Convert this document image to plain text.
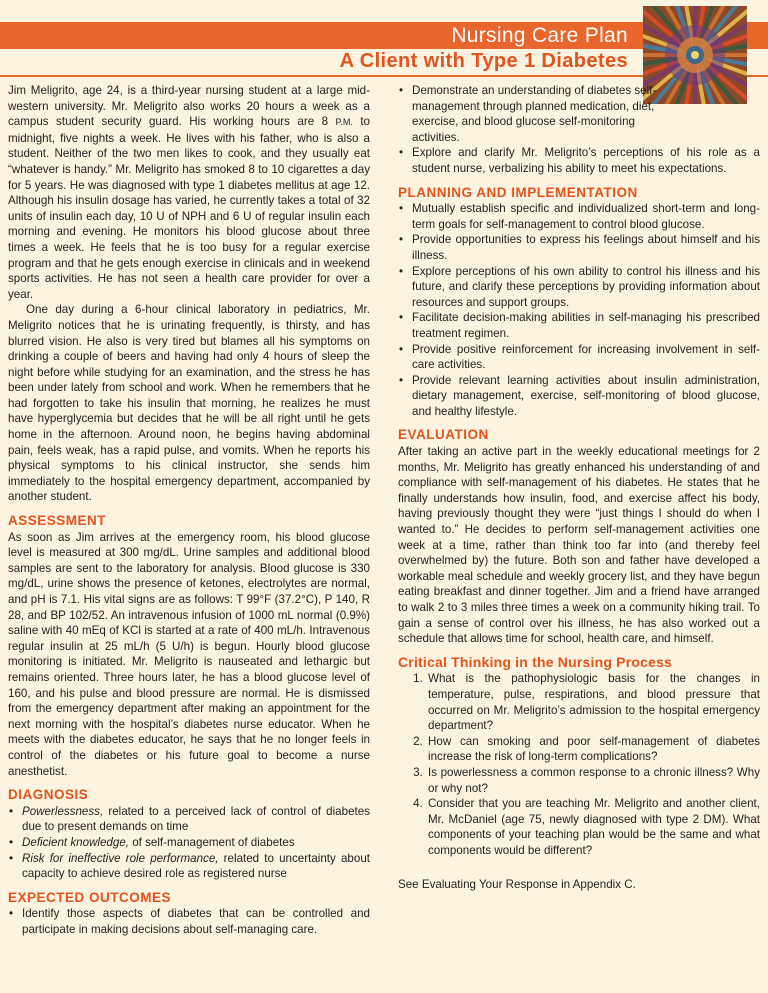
Nursing Care Plan
A Client with Type 1 Diabetes

Jim Meligrito, age 24, is a third-year nursing student at a large mid-western university. Mr. Meligrito also works 20 hours a week as a campus student security guard. His working hours are 8 P.M. to midnight, five nights a week. He lives with his father, who is also a student. Neither of the two men likes to cook, and they usually eat “whatever is handy.” Mr. Meligrito has smoked 8 to 10 cigarettes a day for 5 years. He was diagnosed with type 1 diabetes mellitus at age 12. Although his insulin dosage has varied, he currently takes a total of 32 units of insulin each day, 10 U of NPH and 6 U of regular insulin each morning and evening. He monitors his blood glucose about three times a week. He feels that he is too busy for a regular exercise program and that he gets enough exercise in clinicals and in weekend sports activities. He has not seen a health care provider for over a year.

One day during a 6-hour clinical laboratory in pediatrics, Mr. Meligrito notices that he is urinating frequently, is thirsty, and has blurred vision. He also is very tired but blames all his symptoms on drinking a couple of beers and having had only 4 hours of sleep the night before while studying for an examination, and the stress he has been under lately from school and work. When he remembers that he had forgotten to take his insulin that morning, he realizes he must have hyperglycemia but decides that he will be all right until he gets home in the afternoon. Around noon, he begins having abdominal pain, feels weak, has a rapid pulse, and vomits. When he reports his physical symptoms to his clinical instructor, she sends him immediately to the hospital emergency department, accompanied by another student.

ASSESSMENT

As soon as Jim arrives at the emergency room, his blood glucose level is measured at 300 mg/dL. Urine samples and additional blood samples are sent to the laboratory for analysis. Blood glucose is 330 mg/dL, urine shows the presence of ketones, electrolytes are normal, and pH is 7.1. His vital signs are as follows: T 99°F (37.2°C), P 140, R 28, and BP 102/52. An intravenous infusion of 1000 mL normal (0.9%) saline with 40 mEq of KCl is started at a rate of 400 mL/h. Intravenous regular insulin at 25 mL/h (5 U/h) is begun. Hourly blood glucose monitoring is initiated. Mr. Meligrito is nauseated and lethargic but remains oriented. Three hours later, he has a blood glucose level of 160, and his pulse and blood pressure are normal. He is dismissed from the emergency department after making an appointment for the next morning with the hospital’s diabetes nurse educator. When he meets with the diabetes educator, he says that he no longer feels in control of the diabetes or his future goal to become a nurse anesthetist.

DIAGNOSIS
• Powerlessness, related to a perceived lack of control of diabetes due to present demands on time
• Deficient knowledge, of self-management of diabetes
• Risk for ineffective role performance, related to uncertainty about capacity to achieve desired role as registered nurse
EXPECTED OUTCOMES
• Identify those aspects of diabetes that can be controlled and participate in making decisions about self-managing care.
• Demonstrate an understanding of diabetes self-management through planned medication, diet, exercise, and blood glucose self-monitoring activities.
• Explore and clarify Mr. Meligrito’s perceptions of his role as a student nurse, verbalizing his ability to meet his expectations.
PLANNING AND IMPLEMENTATION
• Mutually establish specific and individualized short-term and long-term goals for self-management to control blood glucose.
• Provide opportunities to express his feelings about himself and his illness.
• Explore perceptions of his own ability to control his illness and his future, and clarify these perceptions by providing information about resources and support groups.
• Facilitate decision-making abilities in self-managing his prescribed treatment regimen.
• Provide positive reinforcement for increasing involvement in self-care activities.
• Provide relevant learning activities about insulin administration, dietary management, exercise, self-monitoring of blood glucose, and healthy lifestyle.
EVALUATION

After taking an active part in the weekly educational meetings for 2 months, Mr. Meligrito has greatly enhanced his understanding of and compliance with self-management of his diabetes. He states that he finally understands how insulin, food, and exercise affect his body, having previously thought they were “just things I should do when I wanted to.” He decides to perform self-management activities one week at a time, rather than think too far into (and thereby feel overwhelmed by) the future. Both son and father have developed a workable meal schedule and weekly grocery list, and they have begun eating breakfast and dinner together. Jim and a friend have arranged to walk 2 to 3 miles three times a week on a community hiking trail. To gain a sense of control over his illness, he has also worked out a schedule that allows time for school, health care, and himself.

Critical Thinking in the Nursing Process
1. What is the pathophysiologic basis for the changes in temperature, pulse, respirations, and blood pressure that occurred on Mr. Meligrito’s admission to the hospital emergency department?
2. How can smoking and poor self-management of diabetes increase the risk of long-term complications?
3. Is powerlessness a common response to a chronic illness? Why or why not?
4. Consider that you are teaching Mr. Meligrito and another client, Mr. McDaniel (age 75, newly diagnosed with type 2 DM). What components of your teaching plan would be the same and what components would be different?

See Evaluating Your Response in Appendix C.
